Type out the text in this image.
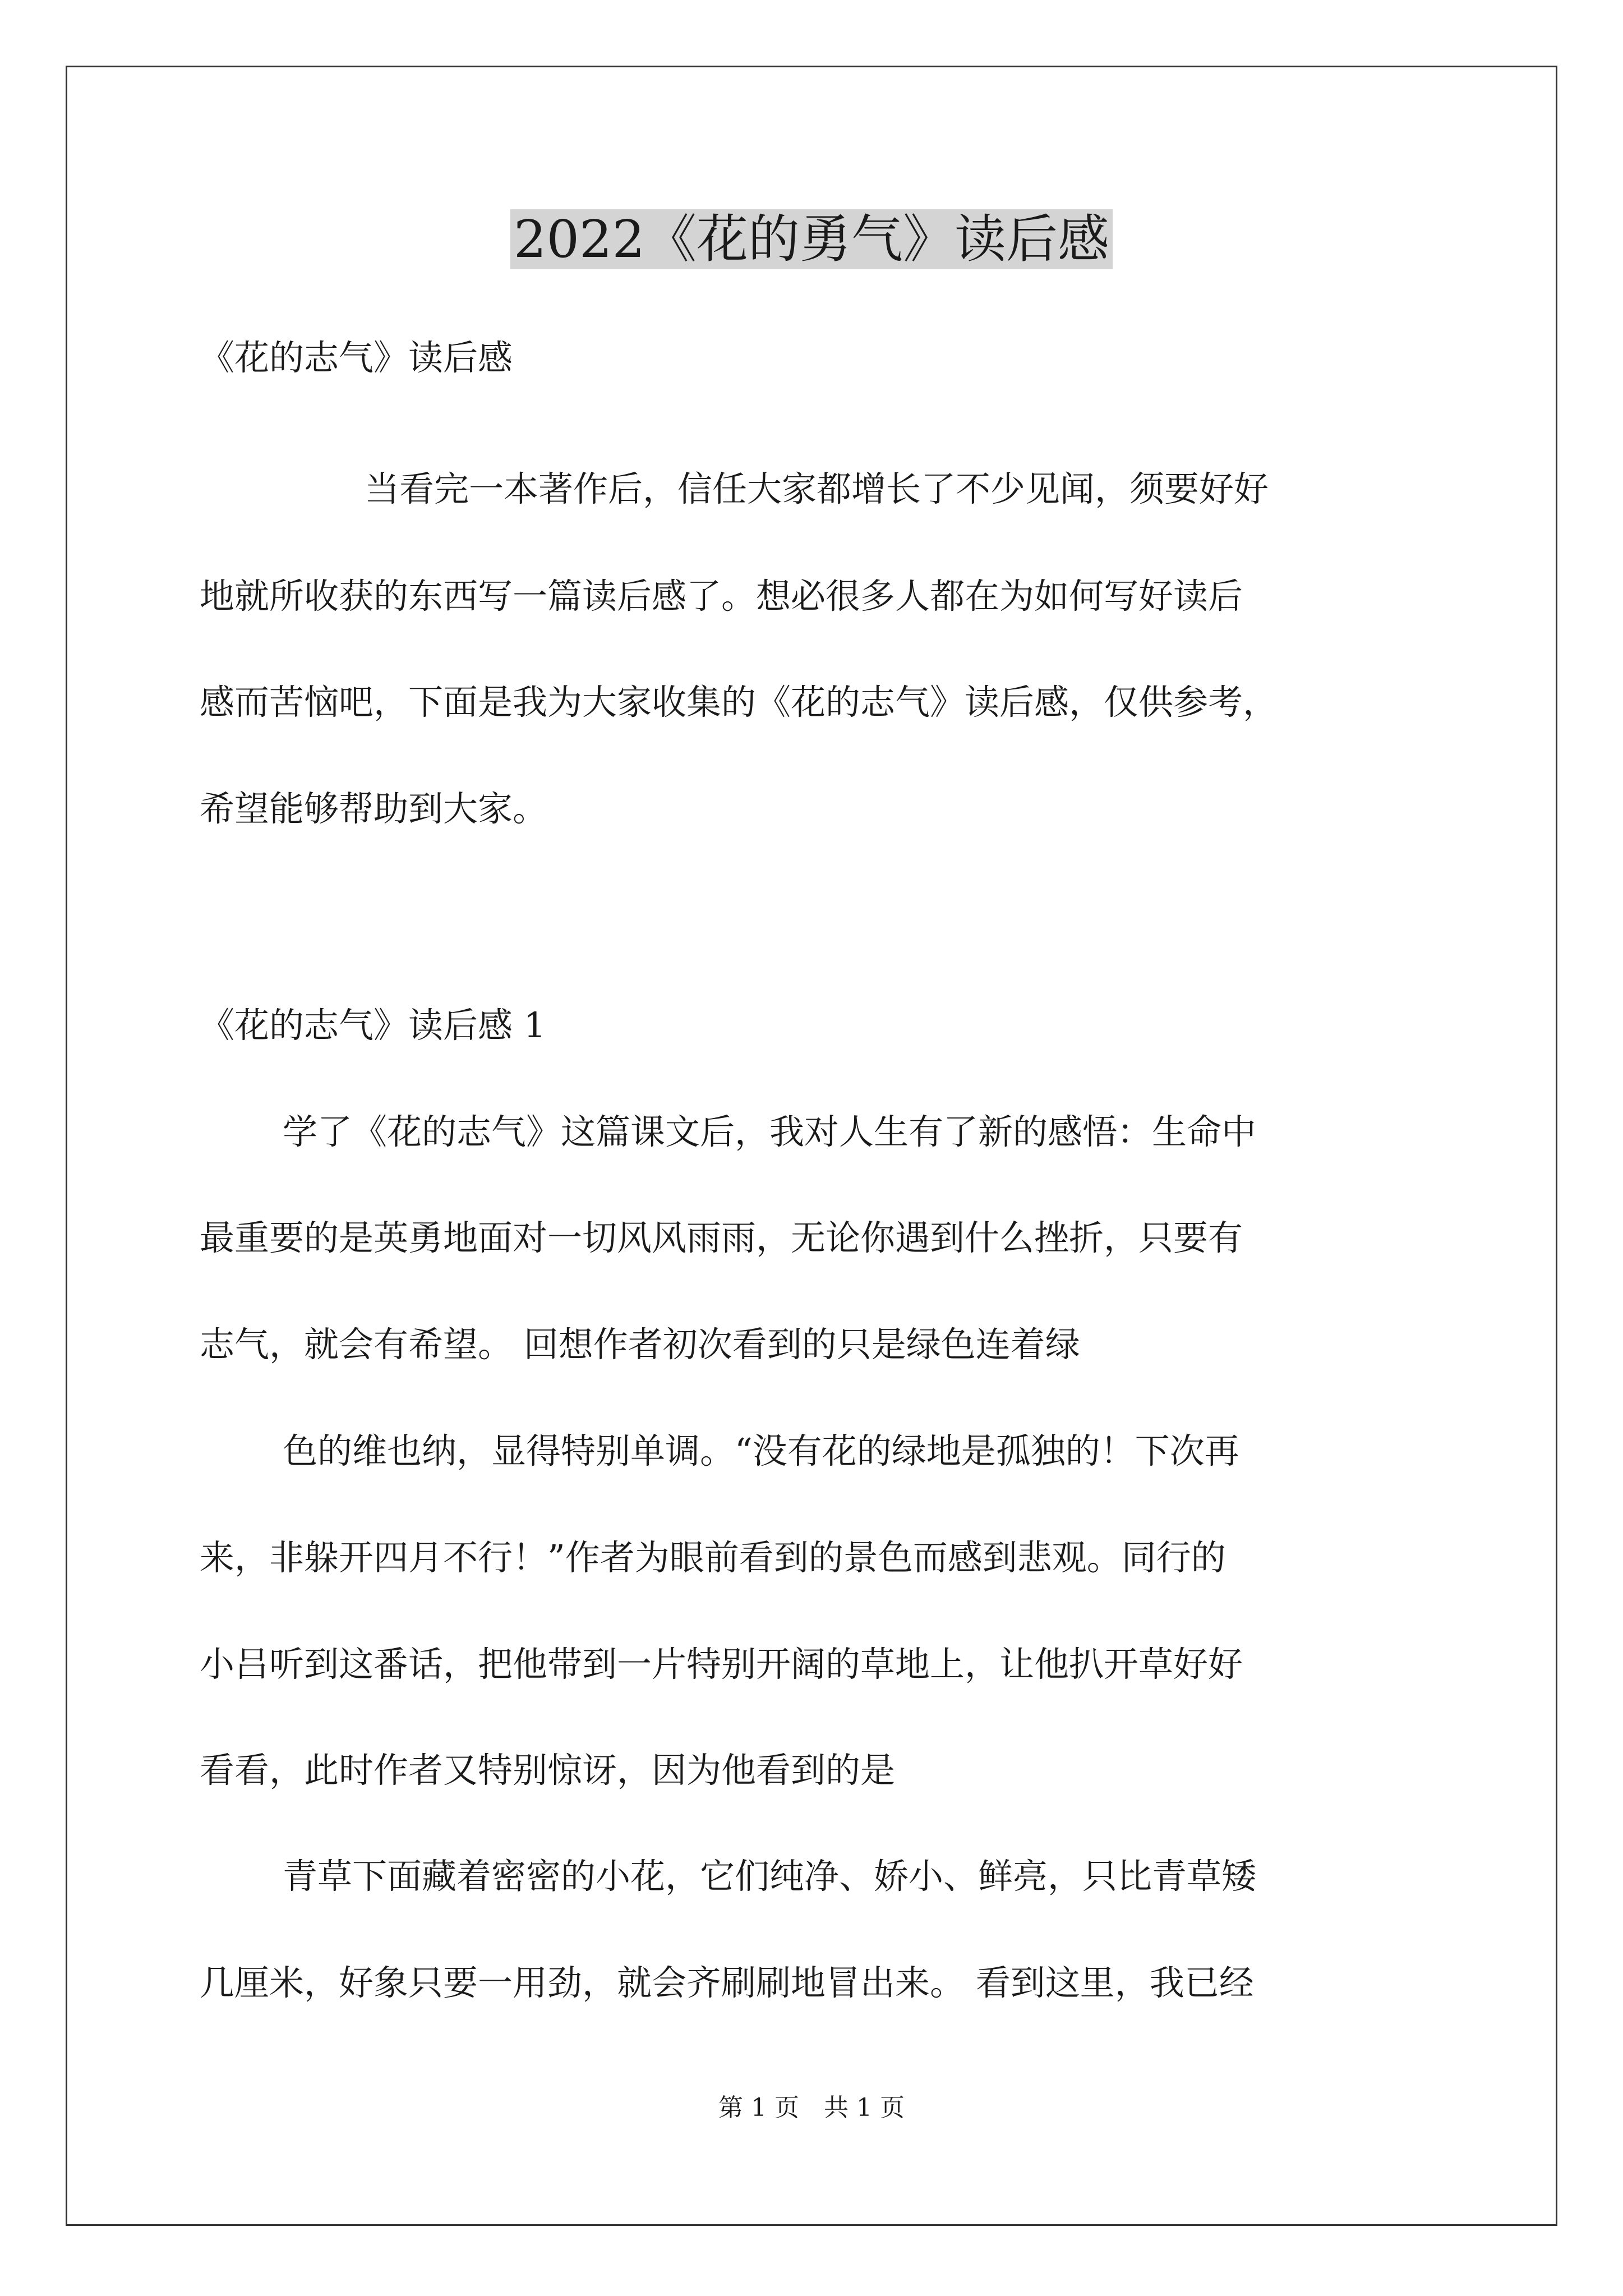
2022《花的勇气》读后感

《花的志气》读后感

当看完一本著作后，信任大家都增长了不少见闻，须要好好

地就所收获的东西写一篇读后感了。想必很多人都在为如何写好读后

感而苦恼吧，下面是我为大家收集的《花的志气》读后感，仅供参考，

希望能够帮助到大家。

《花的志气》读后感 1

学了《花的志气》这篇课文后，我对人生有了新的感悟：生命中

最重要的是英勇地面对一切风风雨雨，无论你遇到什么挫折，只要有

志气，就会有希望。 回想作者初次看到的只是绿色连着绿

色的维也纳，显得特别单调。“没有花的绿地是孤独的！下次再

来，非躲开四月不行！”作者为眼前看到的景色而感到悲观。同行的

小吕听到这番话，把他带到一片特别开阔的草地上，让他扒开草好好

看看，此时作者又特别惊讶，因为他看到的是

青草下面藏着密密的小花，它们纯净、娇小、鲜亮，只比青草矮

几厘米，好象只要一用劲，就会齐刷刷地冒出来。 看到这里，我已经

第 1 页　共 1 页
